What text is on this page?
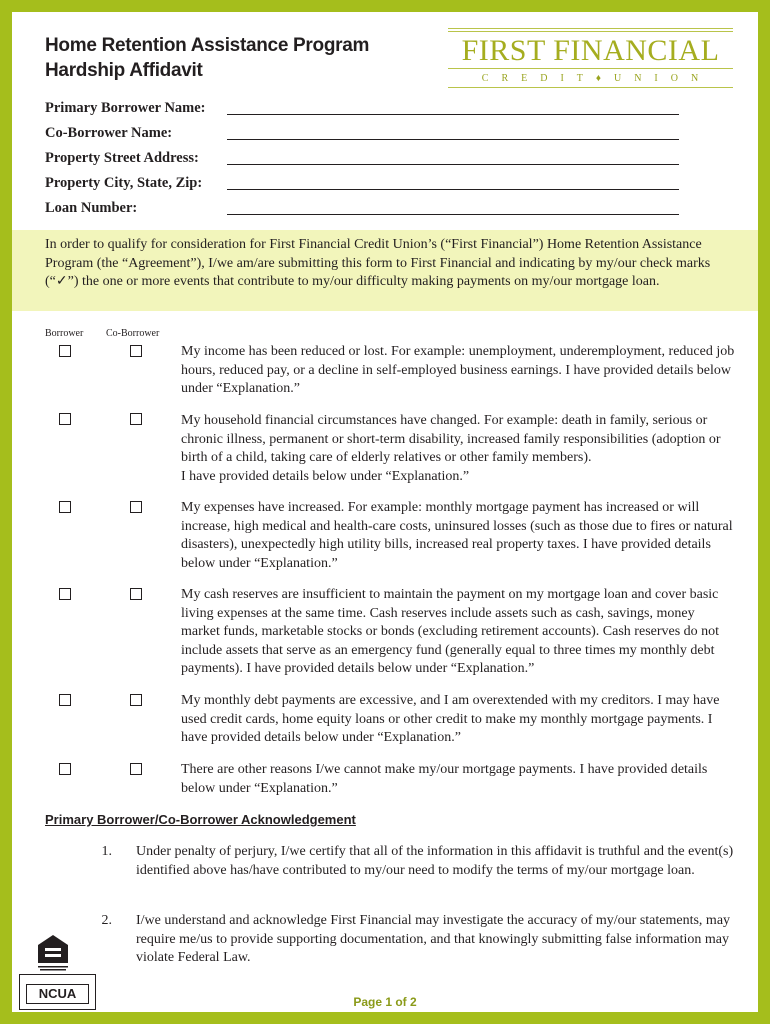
Home Retention Assistance Program
Hardship Affidavit
FIRST FINANCIAL
CREDIT♦UNION
Primary Borrower Name:
Co-Borrower Name:
Property Street Address:
Property City, State, Zip:
Loan Number:

In order to qualify for consideration for First Financial Credit Union’s (“First Financial”) Home Retention Assistance Program (the “Agreement”), I/we am/are submitting this form to First Financial and indicating by my/our check marks (“✓”) the one or more events that contribute to my/our difficulty making payments on my/our mortgage loan.

Borrower Co-Borrower
My income has been reduced or lost. For example: unemployment, underemployment, reduced job hours, reduced pay, or a decline in self-employed business earnings. I have provided details below under “Explanation.”
My household financial circumstances have changed. For example: death in family, serious or chronic illness, permanent or short-term disability, increased family responsibilities (adoption or birth of a child, taking care of elderly relatives or other family members).
I have provided details below under “Explanation.”
My expenses have increased. For example: monthly mortgage payment has increased or will increase, high medical and health-care costs, uninsured losses (such as those due to fires or natural disasters), unexpectedly high utility bills, increased real property taxes. I have provided details below under “Explanation.”
My cash reserves are insufficient to maintain the payment on my mortgage loan and cover basic living expenses at the same time. Cash reserves include assets such as cash, savings, money market funds, marketable stocks or bonds (excluding retirement accounts). Cash reserves do not include assets that serve as an emergency fund (generally equal to three times my monthly debt payments). I have provided details below under “Explanation.”
My monthly debt payments are excessive, and I am overextended with my creditors. I may have used credit cards, home equity loans or other credit to make my monthly mortgage payments. I have provided details below under “Explanation.”
There are other reasons I/we cannot make my/our mortgage payments. I have provided details below under “Explanation.”
Primary Borrower/Co-Borrower Acknowledgement
1. Under penalty of perjury, I/we certify that all of the information in this affidavit is truthful and the event(s) identified above has/have contributed to my/our need to modify the terms of my/our mortgage loan.
2. I/we understand and acknowledge First Financial may investigate the accuracy of my/our statements, may require me/us to provide supporting documentation, and that knowingly submitting false information may violate Federal Law.
NCUA
Page 1 of 2
